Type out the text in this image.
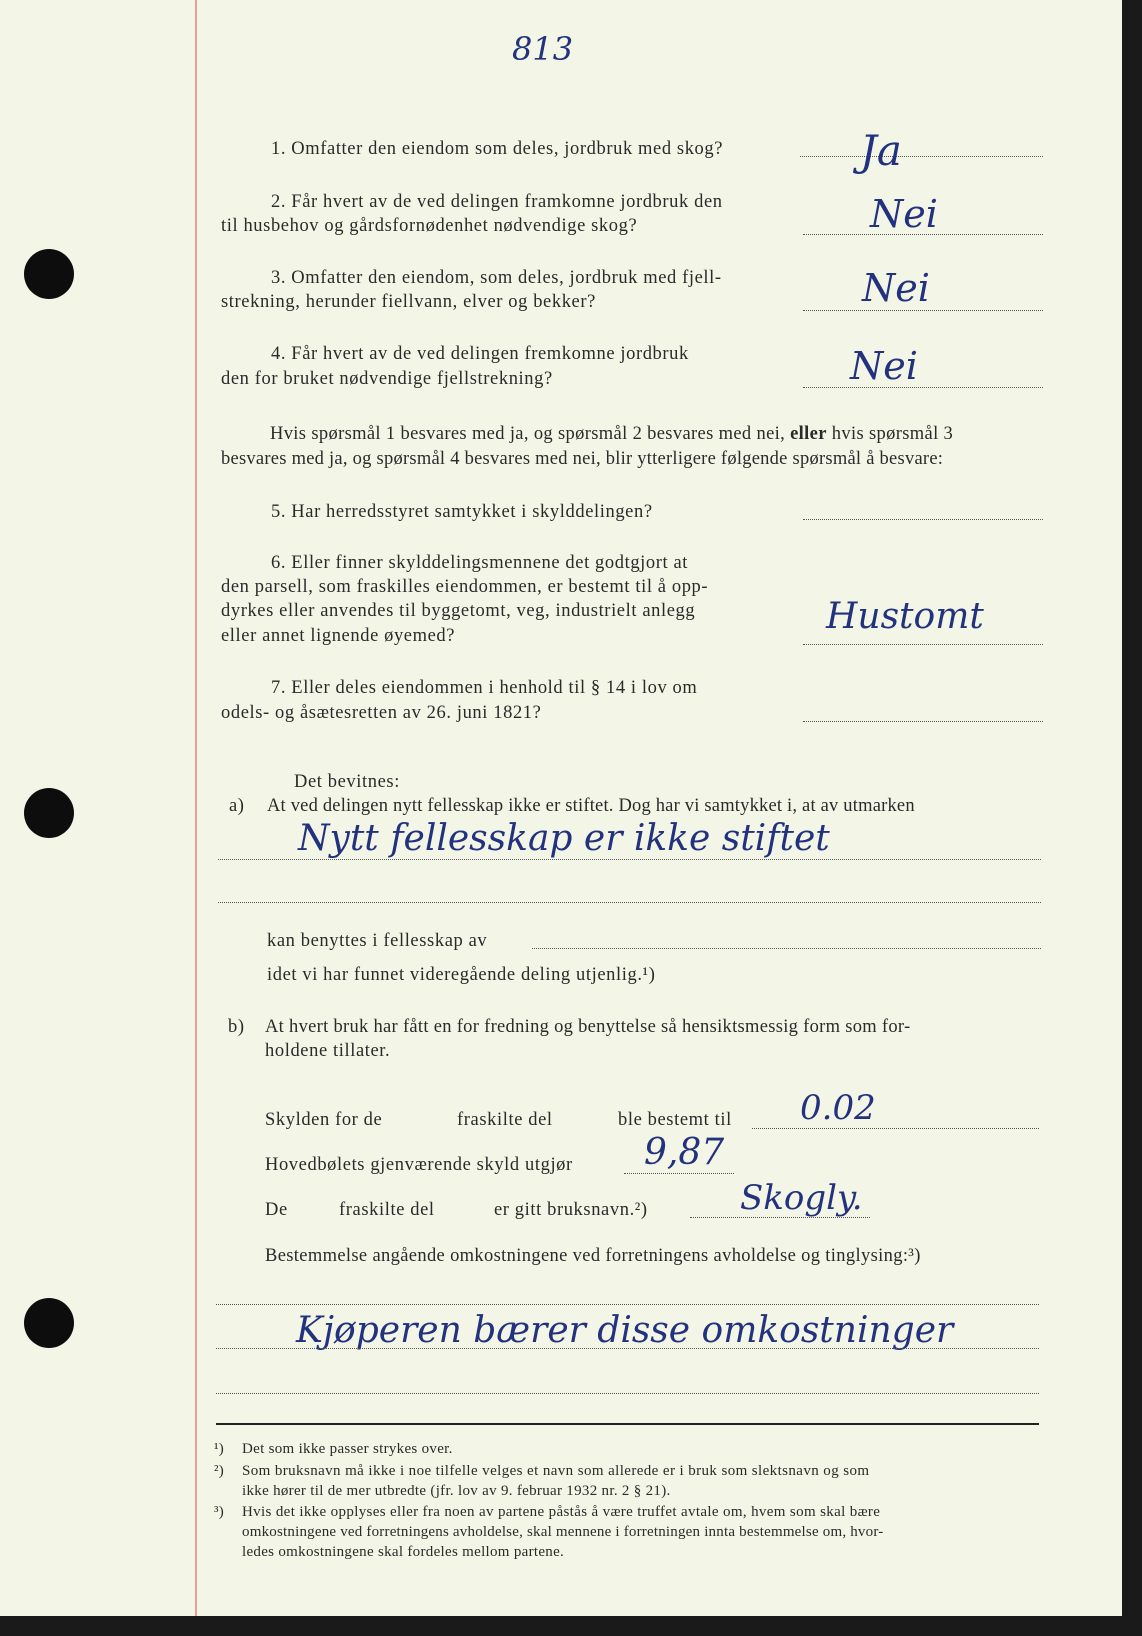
813
1. Omfatter den eiendom som deles, jordbruk med skog?	Ja
2. Får hvert av de ved delingen framkomne jordbruk den
til husbehov og gårdsfornødenhet nødvendige skog?	Nei
3. Omfatter den eiendom, som deles, jordbruk med fjell-
strekning, herunder fiellvann, elver og bekker?	Nei
4. Får hvert av de ved delingen fremkomne jordbruk
den for bruket nødvendige fjellstrekning?	Nei
Hvis spørsmål 1 besvares med ja, og spørsmål 2 besvares med nei, eller hvis spørsmål 3
besvares med ja, og spørsmål 4 besvares med nei, blir ytterligere følgende spørsmål å besvare:
5. Har herredsstyret samtykket i skylddelingen?
6. Eller finner skylddelingsmennene det godtgjort at
den parsell, som fraskilles eiendommen, er bestemt til å opp-
dyrkes eller anvendes til byggetomt, veg, industrielt anlegg
eller annet lignende øyemed?	Hustomt
7. Eller deles eiendommen i henhold til § 14 i lov om
odels- og åsætesretten av 26. juni 1821?
Det bevitnes:
a) At ved delingen nytt fellesskap ikke er stiftet. Dog har vi samtykket i, at av utmarken
Nytt fellesskap er ikke stiftet
kan benyttes i fellesskap av
idet vi har funnet videregående deling utjenlig.¹)
b) At hvert bruk har fått en for fredning og benyttelse så hensiktsmessig form som for-
holdene tillater.
Skylden for de	fraskilte del	ble bestemt til 0.02
Hovedbølets gjenværende skyld utgjør 9,87
De	fraskilte del	er gitt bruksnavn.²)	Skogly.
Bestemmelse angående omkostningene ved forretningens avholdelse og tinglysing:³)
Kjøperen bærer disse omkostninger
¹) Det som ikke passer strykes over.
²) Som bruksnavn må ikke i noe tilfelle velges et navn som allerede er i bruk som slektsnavn og som
ikke hører til de mer utbredte (jfr. lov av 9. februar 1932 nr. 2 § 21).
³) Hvis det ikke opplyses eller fra noen av partene påstås å være truffet avtale om, hvem som skal bære
omkostningene ved forretningens avholdelse, skal mennene i forretningen innta bestemmelse om, hvor-
ledes omkostningene skal fordeles mellom partene.
